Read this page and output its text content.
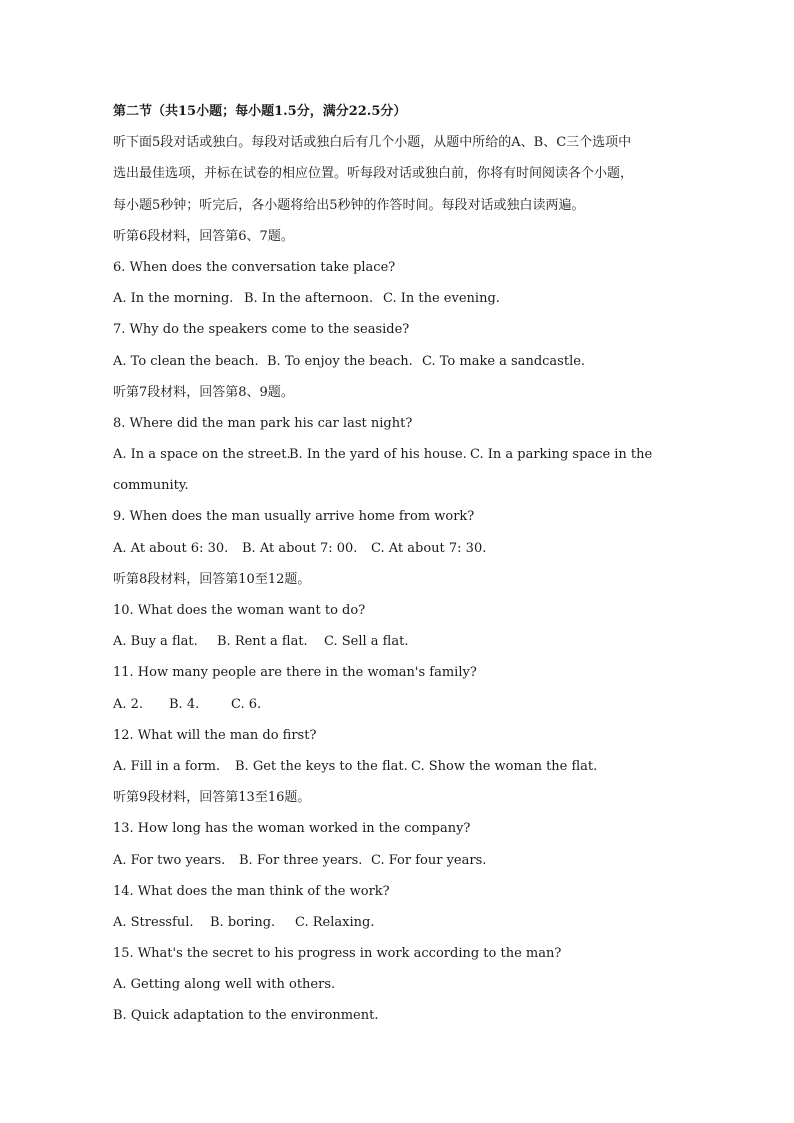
第二节（共15小题；每小题1.5分，满分22.5分）
听下面5段对话或独白。每段对话或独白后有几个小题，从题中所给的A、B、C三个选项中
选出最佳选项，并标在试卷的相应位置。听每段对话或独白前，你将有时间阅读各个小题，
每小题5秒钟；听完后，各小题将给出5秒钟的作答时间。每段对话或独白读两遍。
听第6段材料，回答第6、7题。
6. When does the conversation take place?
A. In the morning. B. In the afternoon. C. In the evening.
7. Why do the speakers come to the seaside?
A. To clean the beach. B. To enjoy the beach. C. To make a sandcastle.
听第7段材料，回答第8、9题。
8. Where did the man park his car last night?
A. In a space on the street.
B. In the yard of his house. C. In a parking space in the
community.
9. When does the man usually arrive home from work?
A. At about 6: 30.	B. At about 7: 00.	C. At about 7: 30.
听第8段材料，回答第10至12题。
10. What does the woman want to do?
A. Buy a flat.	B. Rent a flat.	C. Sell a flat.
11. How many people are there in the woman's family?
A. 2.	B. 4.	C. 6.
12. What will the man do first?
A. Fill in a form.	B. Get the keys to the flat. C. Show the woman the flat.
听第9段材料，回答第13至16题。
13. How long has the woman worked in the company?
A. For two years.	B. For three years. C. For four years.
14. What does the man think of the work?
A. Stressful.	B. boring.	C. Relaxing.
15. What's the secret to his progress in work according to the man?
A. Getting along well with others.
B. Quick adaptation to the environment.
